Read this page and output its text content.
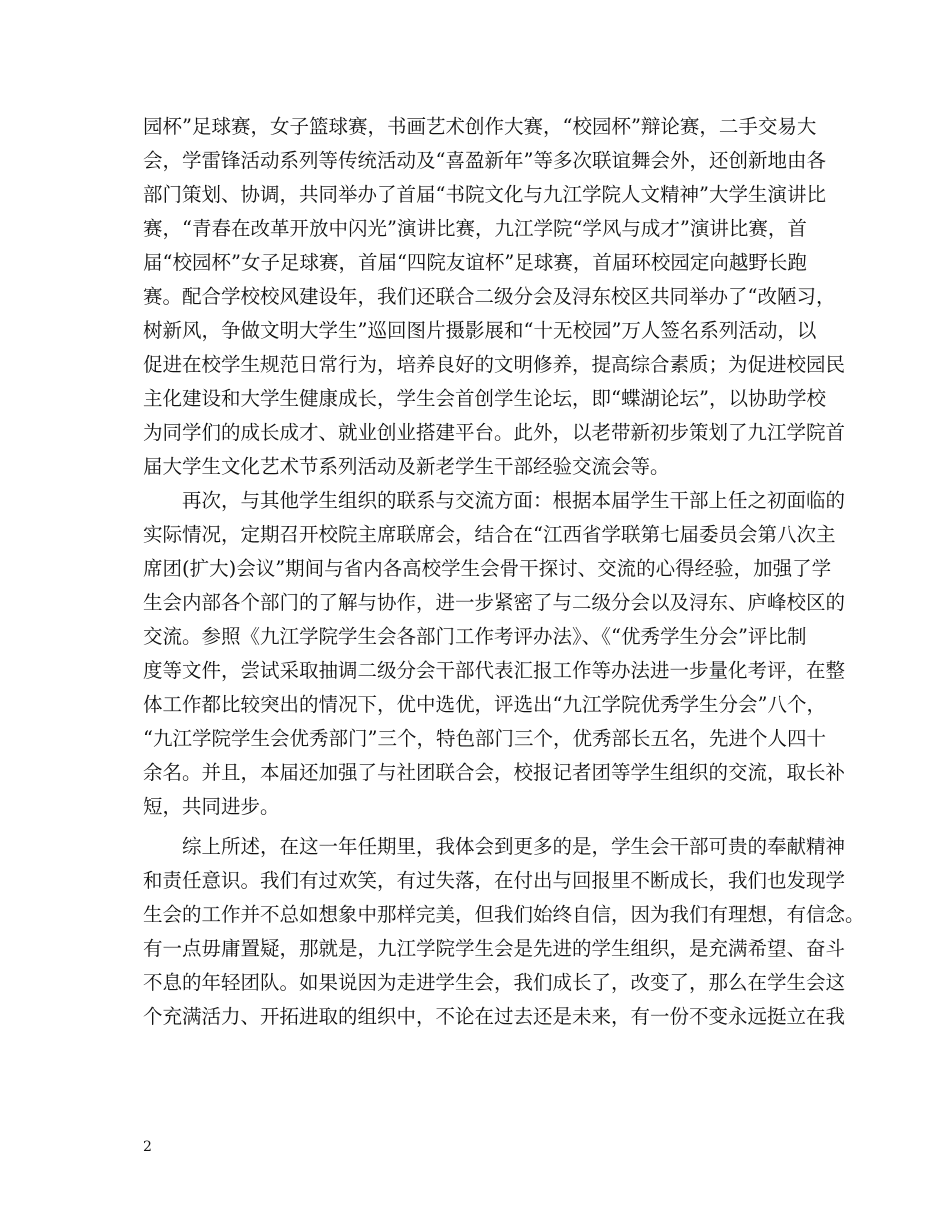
园杯”足球赛，女子篮球赛，书画艺术创作大赛，“校园杯”辩论赛，二手交易大
会，学雷锋活动系列等传统活动及“喜盈新年”等多次联谊舞会外，还创新地由各
部门策划、协调，共同举办了首届“书院文化与九江学院人文精神”大学生演讲比
赛，“青春在改革开放中闪光”演讲比赛，九江学院“学风与成才”演讲比赛，首
届“校园杯”女子足球赛，首届“四院友谊杯”足球赛，首届环校园定向越野长跑
赛。配合学校校风建设年，我们还联合二级分会及浔东校区共同举办了“改陋习，
树新风，争做文明大学生”巡回图片摄影展和“十无校园”万人签名系列活动，以
促进在校学生规范日常行为，培养良好的文明修养，提高综合素质；为促进校园民
主化建设和大学生健康成长，学生会首创学生论坛，即“蝶湖论坛”，以协助学校
为同学们的成长成才、就业创业搭建平台。此外，以老带新初步策划了九江学院首
届大学生文化艺术节系列活动及新老学生干部经验交流会等。
　　再次，与其他学生组织的联系与交流方面：根据本届学生干部上任之初面临的
实际情况，定期召开校院主席联席会，结合在“江西省学联第七届委员会第八次主
席团(扩大)会议”期间与省内各高校学生会骨干探讨、交流的心得经验，加强了学
生会内部各个部门的了解与协作，进一步紧密了与二级分会以及浔东、庐峰校区的
交流。参照《九江学院学生会各部门工作考评办法》、《“优秀学生分会”评比制
度等文件，尝试采取抽调二级分会干部代表汇报工作等办法进一步量化考评，在整
体工作都比较突出的情况下，优中选优，评选出“九江学院优秀学生分会”八个，
“九江学院学生会优秀部门”三个，特色部门三个，优秀部长五名，先进个人四十
余名。并且，本届还加强了与社团联合会，校报记者团等学生组织的交流，取长补
短，共同进步。
　　综上所述，在这一年任期里，我体会到更多的是，学生会干部可贵的奉献精神
和责任意识。我们有过欢笑，有过失落，在付出与回报里不断成长，我们也发现学
生会的工作并不总如想象中那样完美，但我们始终自信，因为我们有理想，有信念。
有一点毋庸置疑，那就是，九江学院学生会是先进的学生组织，是充满希望、奋斗
不息的年轻团队。如果说因为走进学生会，我们成长了，改变了，那么在学生会这
个充满活力、开拓进取的组织中，不论在过去还是未来，有一份不变永远挺立在我
2
